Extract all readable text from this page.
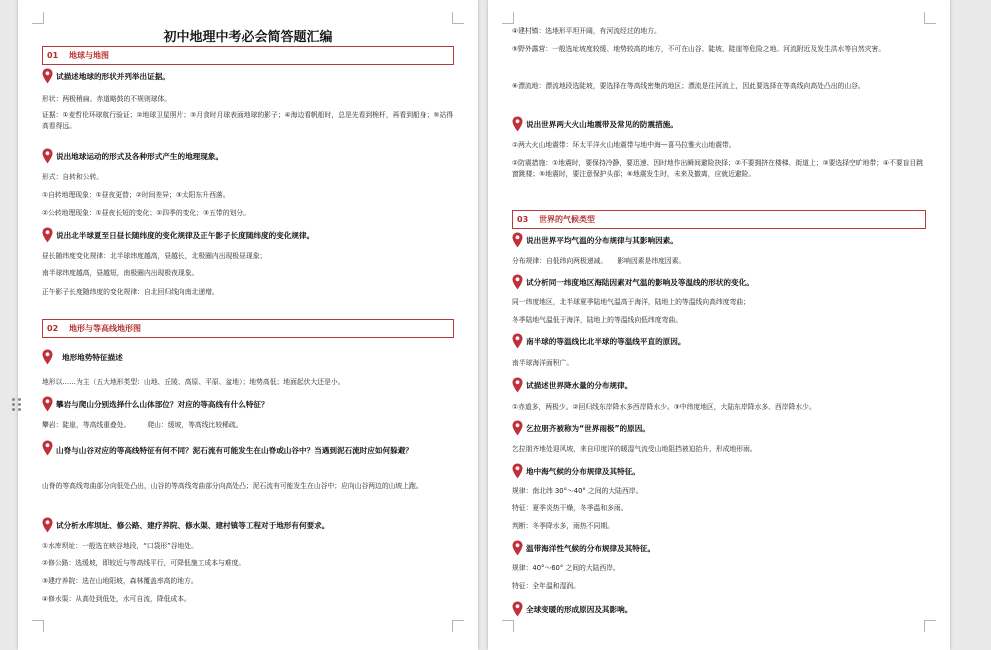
初中地理中考必会简答题汇编
01	地球与地图
试描述地球的形状并列举出证据。
形状：两极稍扁、赤道略鼓的不规则球体。
证据：①麦哲伦环球航行验证；②地球卫星照片；③月食时月球表面地球的影子；④海边看帆船时，总是先看到桅杆，再看到船身；⑤站得高看得远。
说出地球运动的形式及各种形式产生的地理现象。
形式：自转和公转。
①自转地理现象：①昼夜更替；②时间差异；③太阳东升西落。
②公转地理现象：①昼夜长短的变化；②四季的变化；③五带的划分。
说出北半球夏至日昼长随纬度的变化规律及正午影子长度随纬度的变化规律。
昼长随纬度变化规律：北半球纬度越高，昼越长，北极圈内出现极昼现象；
南半球纬度越高，昼越短，南极圈内出现极夜现象。
正午影子长度随纬度的变化规律：自北回归线向南北递增。
02	地形与等高线地形图
地形地势特征描述
地形以……为主（五大地形类型：山地、丘陵、高原、平原、盆地）；地势高低；地面起伏大还是小。
攀岩与爬山分别选择什么山体部位？对应的等高线有什么特征？
攀岩：陡崖，等高线重叠处。　　　爬山：缓坡，等高线比较稀疏。
山脊与山谷对应的等高线特征有何不同？泥石流有可能发生在山脊或山谷中？当遇到泥石流时应如何躲避？
山脊的等高线弯曲部分向低处凸出，山谷的等高线弯曲部分向高处凸；泥石流有可能发生在山谷中；应向山谷两边的山坡上跑。
试分析水库坝址、修公路、建疗养院、修水渠、建村镇等工程对于地形有何要求。
①水库坝址：一般选在峡谷地段，“口袋形”谷地处。
②修公路：选缓坡，即较近与等高线平行，可降低施工成本与难度。
③建疗养院：选在山地阳坡，森林覆盖率高的地方。
④修水渠：从高处到低处，水可自流，降低成本。
④建村镇：选地形平坦开阔，有河流经过的地方。
⑤野外露营：一般选址坡度较缓、地势较高的地方，不可在山谷、陡坡、陡崖等危险之地。河流附近及发生洪水等自然灾害。
⑥漂流地：漂流地段选陡坡，要选择在等高线密集的地区；漂流是往河流上，因此要选择在等高线向高处凸出的山谷。
说出世界两大火山地震带及常见的防震措施。
①两大火山地震带：环太平洋火山地震带与地中海—喜马拉雅火山地震带。
②防震措施：①地震时，要保持冷静，要迅速、因时地作出瞬间避险抉择；②不要拥挤在楼梯、街道上；③要选择空旷地带；④不要盲目跳窗跳楼；⑤地震时，要注意保护头部；⑥地震发生时，未来及撤离，应就近避险。
03	世界的气候类型
说出世界平均气温的分布规律与其影响因素。
分布规律：自低纬向两极递减。　　影响因素是纬度因素。
试分析同一纬度地区海陆因素对气温的影响及等温线的形状的变化。
同一纬度地区，北半球夏季陆地气温高于海洋，陆地上的等温线向高纬度弯曲；
冬季陆地气温低于海洋，陆地上的等温线向低纬度弯曲。
南半球的等温线比北半球的等温线平直的原因。
南半球海洋面积广。
试描述世界降水量的分布规律。
①赤道多，两极少。②回归线东岸降水多西岸降水少。③中纬度地区，大陆东岸降水多、西岸降水少。
乞拉朋齐被称为“世界雨极”的原因。
乞拉朋齐地处迎风坡，来自印度洋的暖湿气流受山地阻挡被迫抬升，形成地形雨。
地中海气候的分布规律及其特征。
规律：南北纬 30°～40° 之间的大陆西岸。
特征：夏季炎热干燥，冬季温和多雨。
判断：冬季降水多，雨热不同期。
温带海洋性气候的分布规律及其特征。
规律：40°～60° 之间的大陆西岸。
特征：全年温和湿润。
全球变暖的形成原因及其影响。
